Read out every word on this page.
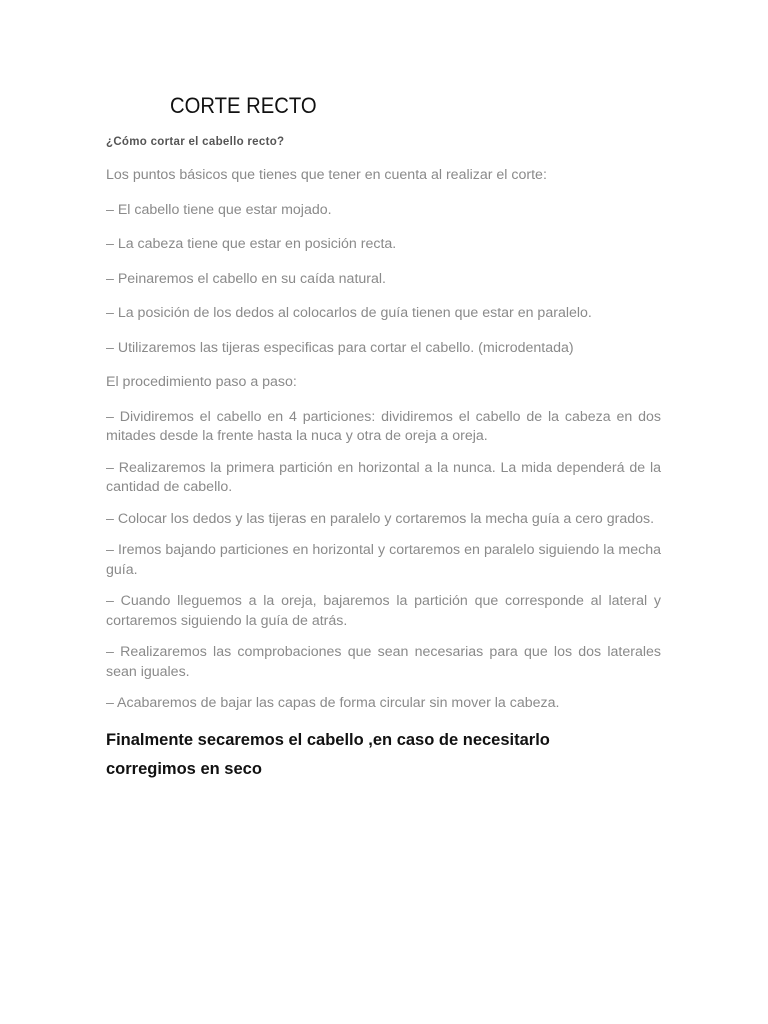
CORTE RECTO

¿Cómo cortar el cabello recto?

Los puntos básicos que tienes que tener en cuenta al realizar el corte:

– El cabello tiene que estar mojado.

– La cabeza tiene que estar en posición recta.

– Peinaremos el cabello en su caída natural.

– La posición de los dedos al colocarlos de guía tienen que estar en paralelo.

– Utilizaremos las tijeras especificas para cortar el cabello. (microdentada)

El procedimiento paso a paso:

– Dividiremos el cabello en 4 particiones: dividiremos el cabello de la cabeza en dos mitades desde la frente hasta la nuca y otra de oreja a oreja.

– Realizaremos la primera partición en horizontal a la nunca. La mida dependerá de la cantidad de cabello.

– Colocar los dedos y las tijeras en paralelo y cortaremos la mecha guía a cero grados.

– Iremos bajando particiones en horizontal y cortaremos en paralelo siguiendo la mecha guía.

– Cuando lleguemos a la oreja, bajaremos la partición que corresponde al lateral y cortaremos siguiendo la guía de atrás.

– Realizaremos las comprobaciones que sean necesarias para que los dos laterales sean iguales.

– Acabaremos de bajar las capas de forma circular sin mover la cabeza.

Finalmente secaremos el cabello ,en caso de necesitarlo
corregimos en seco
